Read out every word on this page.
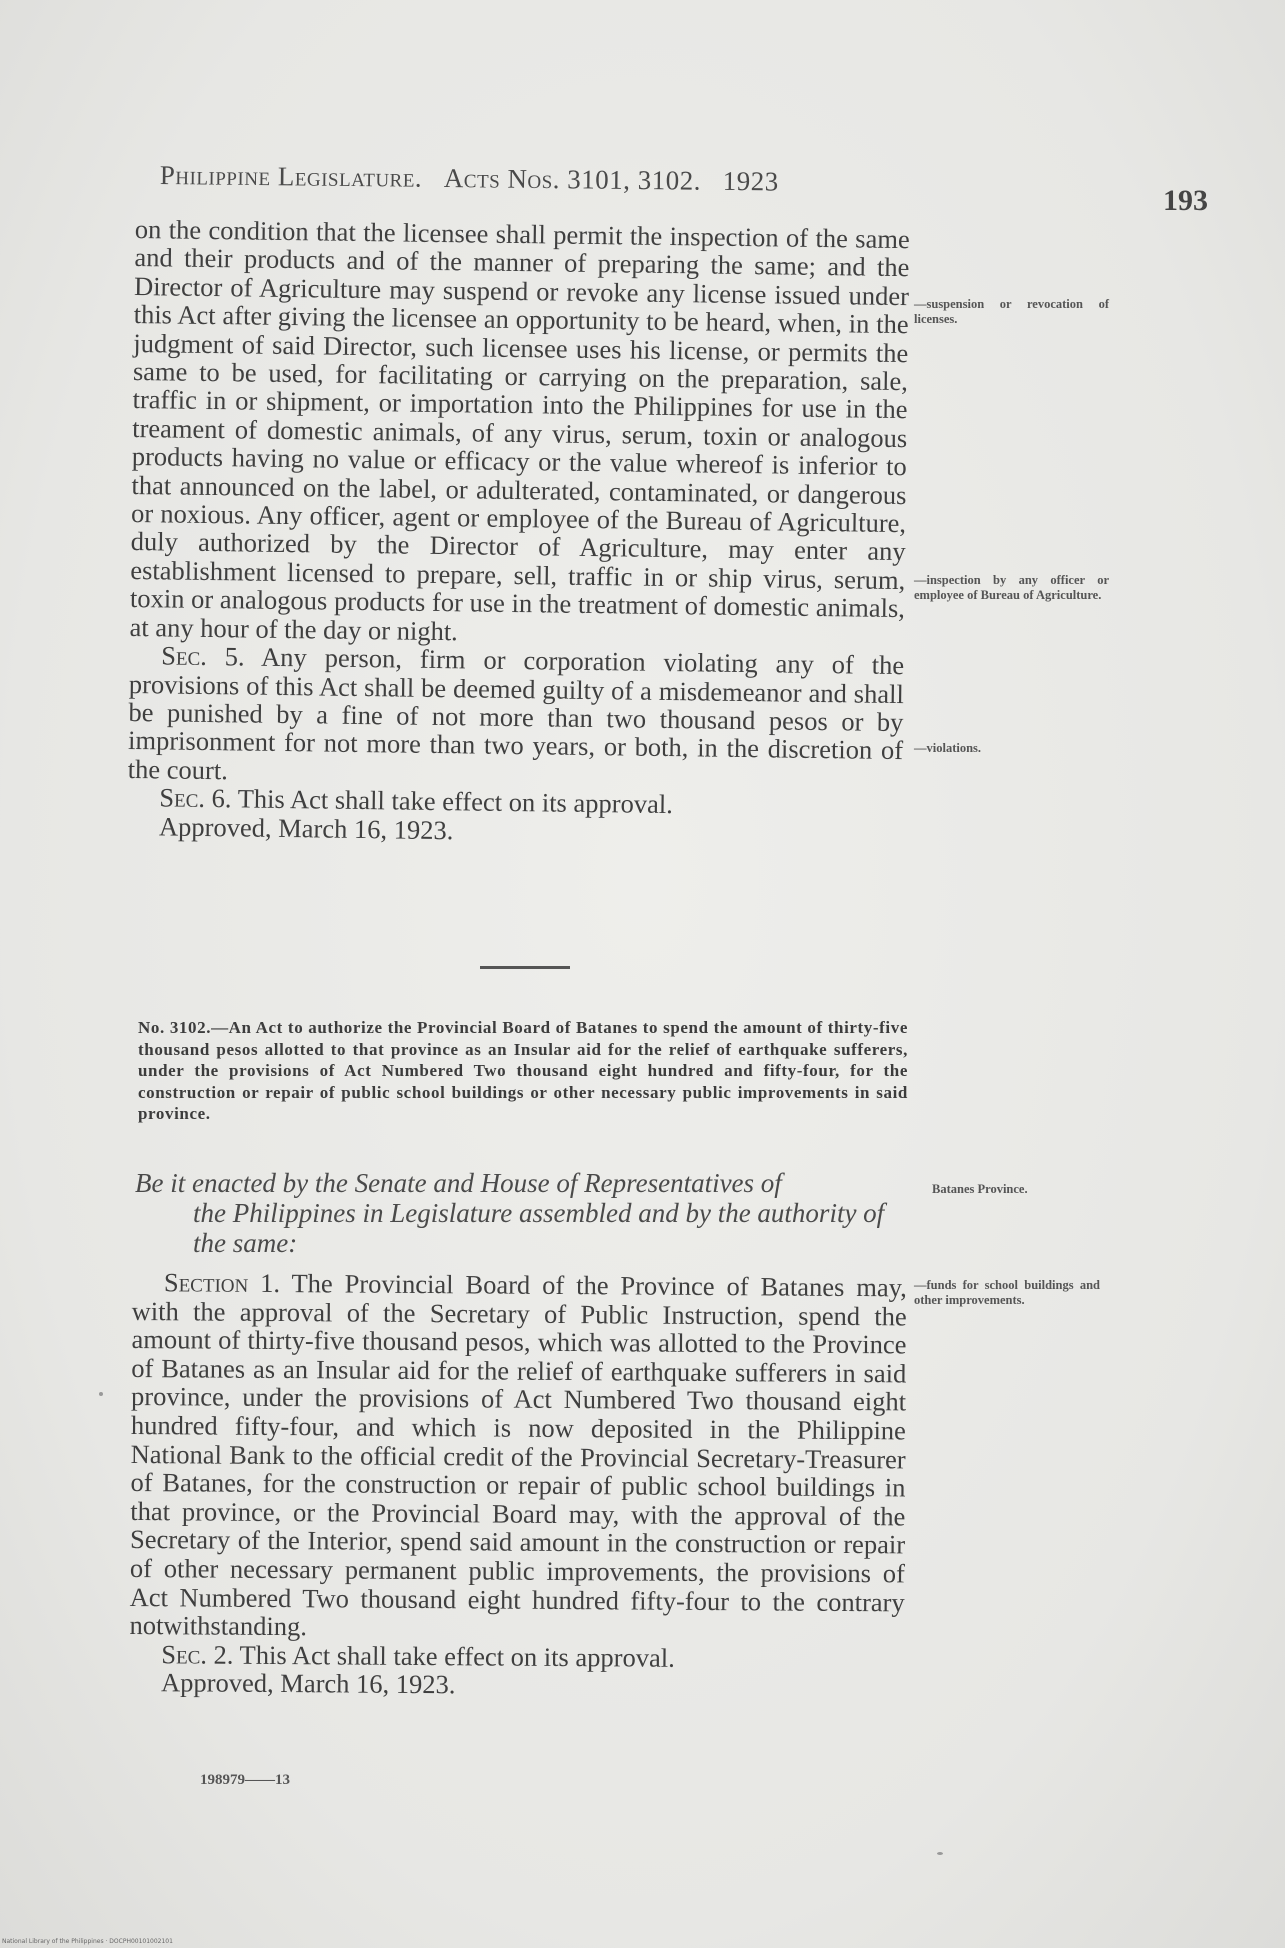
Philippine Legislature. Acts Nos. 3101, 3102. 1923
193

on the condition that the licensee shall permit the inspection of the same and their products and of the manner of preparing the same; and the Director of Agriculture may suspend or revoke any license issued under this Act after giving the licensee an opportunity to be heard, when, in the judgment of said Director, such licensee uses his license, or permits the same to be used, for facilitating or carrying on the preparation, sale, traffic in or shipment, or importation into the Philippines for use in the treament of domestic animals, of any virus, serum, toxin or analogous products having no value or efficacy or the value whereof is inferior to that announced on the label, or adulterated, contaminated, or dangerous or noxious. Any officer, agent or employee of the Bureau of Agriculture, duly authorized by the Director of Agriculture, may enter any establishment licensed to prepare, sell, traffic in or ship virus, serum, toxin or analogous products for use in the treatment of domestic animals, at any hour of the day or night.

Sec. 5. Any person, firm or corporation violating any of the provisions of this Act shall be deemed guilty of a misdemeanor and shall be punished by a fine of not more than two thousand pesos or by imprisonment for not more than two years, or both, in the discretion of the court.

Sec. 6. This Act shall take effect on its approval.

Approved, March 16, 1923.

No. 3102.—An Act to authorize the Provincial Board of Batanes to spend the amount of thirty-five thousand pesos allotted to that province as an Insular aid for the relief of earthquake sufferers, under the provisions of Act Numbered Two thousand eight hundred and fifty-four, for the construction or repair of public school buildings or other necessary public improvements in said province.
Be it enacted by the Senate and House of Representatives of
the Philippines in Legislature assembled and by the authority of the same:

Section 1. The Provincial Board of the Province of Batanes may, with the approval of the Secretary of Public Instruction, spend the amount of thirty-five thousand pesos, which was allotted to the Province of Batanes as an Insular aid for the relief of earthquake sufferers in said province, under the provisions of Act Numbered Two thousand eight hundred fifty-four, and which is now deposited in the Philippine National Bank to the official credit of the Provincial Secretary-Treasurer of Batanes, for the construction or repair of public school buildings in that province, or the Provincial Board may, with the approval of the Secretary of the Interior, spend said amount in the construction or repair of other necessary permanent public improvements, the provisions of Act Numbered Two thousand eight hundred fifty-four to the contrary notwithstanding.

Sec. 2. This Act shall take effect on its approval.

Approved, March 16, 1923.

198979——13
—suspension or revocation of licenses.
—inspection by any officer or employee of Bureau of Agriculture.
—violations.
Batanes Province.
—funds for school buildings and other improvements.
National Library of the Philippines · DOCPH00101002101
